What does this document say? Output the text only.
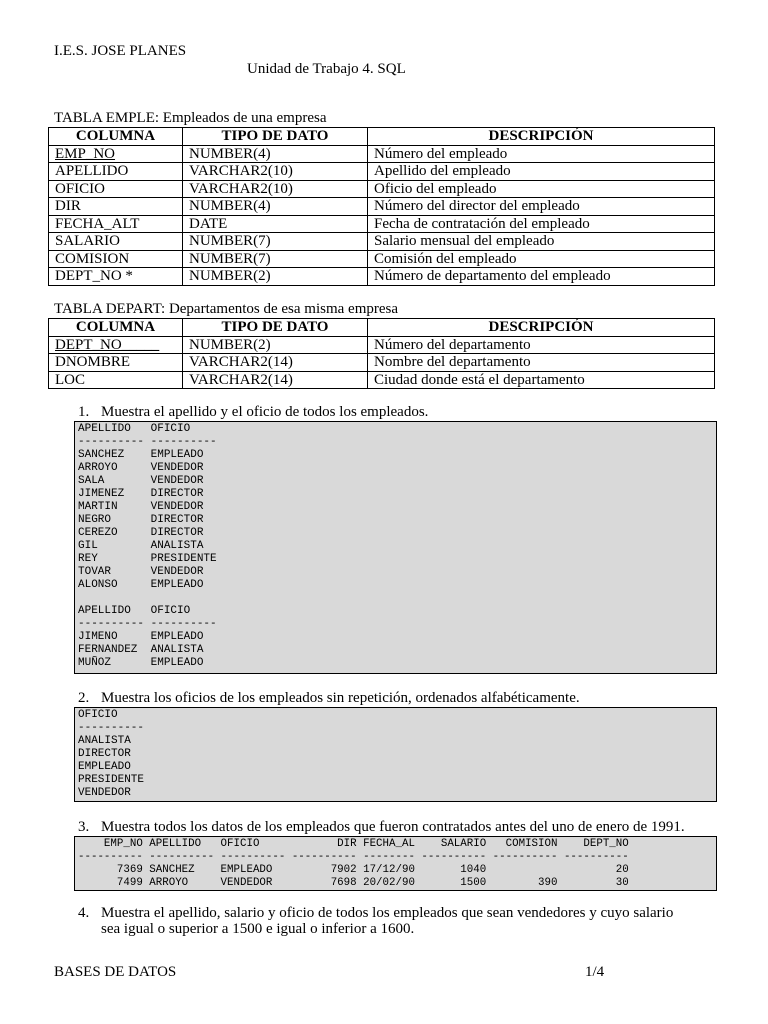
I.E.S. JOSE PLANES
Unidad de Trabajo 4. SQL
TABLA EMPLE: Empleados de una empresa
COLUMNA	TIPO DE DATO	DESCRIPCIÓN
EMP_NO	NUMBER(4)	Número del empleado
APELLIDO	VARCHAR2(10)	Apellido del empleado
OFICIO	VARCHAR2(10)	Oficio del empleado
DIR	NUMBER(4)	Número del director del empleado
FECHA_ALT	DATE	Fecha de contratación del empleado
SALARIO	NUMBER(7)	Salario mensual del empleado
COMISION	NUMBER(7)	Comisión del empleado
DEPT_NO *	NUMBER(2)	Número de departamento del empleado
TABLA DEPART: Departamentos de esa misma empresa
COLUMNA	TIPO DE DATO	DESCRIPCIÓN
DEPT_NO_____	NUMBER(2)	Número del departamento
DNOMBRE	VARCHAR2(14)	Nombre del departamento
LOC	VARCHAR2(14)	Ciudad donde está el departamento
1. Muestra el apellido y el oficio de todos los empleados.
APELLIDO   OFICIO
---------- ----------
SANCHEZ    EMPLEADO
ARROYO     VENDEDOR
SALA       VENDEDOR
JIMENEZ    DIRECTOR
MARTIN     VENDEDOR
NEGRO      DIRECTOR
CEREZO     DIRECTOR
GIL        ANALISTA
REY        PRESIDENTE
TOVAR      VENDEDOR
ALONSO     EMPLEADO
APELLIDO   OFICIO
---------- ----------
JIMENO     EMPLEADO
FERNANDEZ  ANALISTA
MUÑOZ      EMPLEADO
2. Muestra los oficios de los empleados sin repetición, ordenados alfabéticamente.
OFICIO
----------
ANALISTA
DIRECTOR
EMPLEADO
PRESIDENTE
VENDEDOR
3. Muestra todos los datos de los empleados que fueron contratados antes del uno de enero de 1991.
EMP_NO APELLIDO   OFICIO            DIR FECHA_AL    SALARIO   COMISION    DEPT_NO
---------- ---------- ---------- ---------- -------- ---------- ---------- ----------
7369 SANCHEZ    EMPLEADO         7902 17/12/90       1040                    20
7499 ARROYO     VENDEDOR         7698 20/02/90       1500        390         30
4. Muestra el apellido, salario y oficio de todos los empleados que sean vendedores y cuyo salario
sea igual o superior a 1500 e igual o inferior a 1600.
BASES DE DATOS	1/4
